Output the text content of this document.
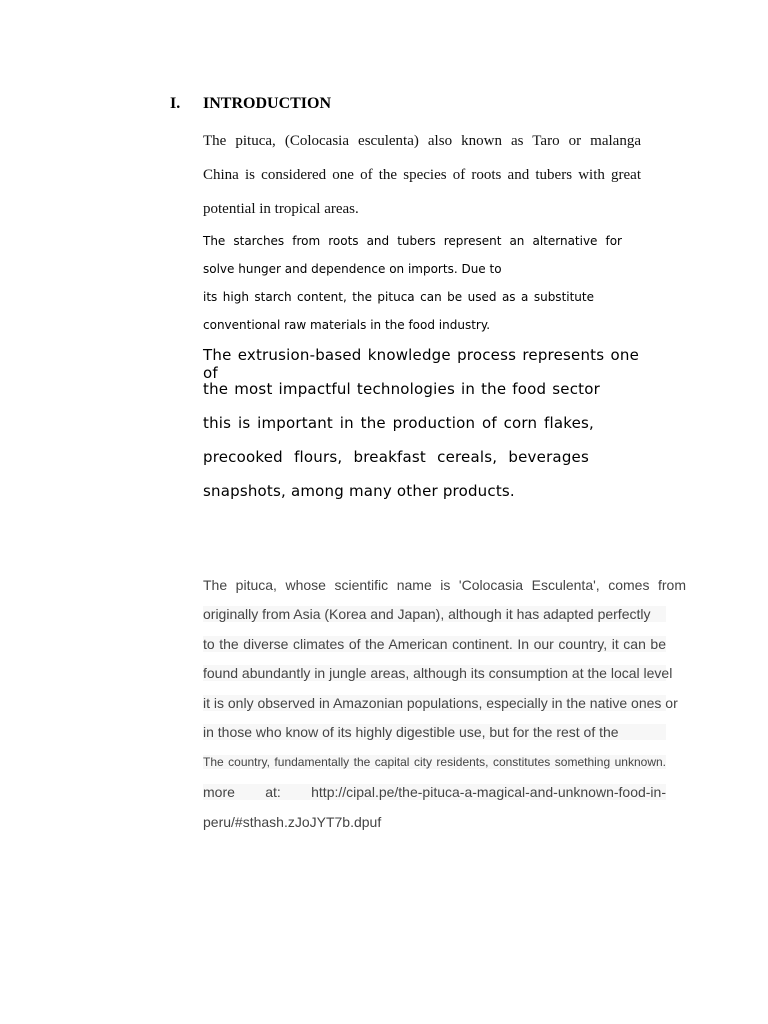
I. INTRODUCTION
The pituca, (Colocasia esculenta) also known as Taro or malanga
China is considered one of the species of roots and tubers with great
potential in tropical areas.
The starches from roots and tubers represent an alternative for
solve hunger and dependence on imports. Due to
its high starch content, the pituca can be used as a substitute
conventional raw materials in the food industry.
The extrusion-based knowledge process represents one of
the most impactful technologies in the food sector
this is important in the production of corn flakes,
precooked flours, breakfast cereals, beverages
snapshots, among many other products.
The pituca, whose scientific name is 'Colocasia Esculenta', comes from
originally from Asia (Korea and Japan), although it has adapted perfectly
to the diverse climates of the American continent. In our country, it can be
found abundantly in jungle areas, although its consumption at the local level
it is only observed in Amazonian populations, especially in the native ones or
in those who know of its highly digestible use, but for the rest of the
The country, fundamentally the capital city residents, constitutes something unknown.
more at: http://cipal.pe/the-pituca-a-magical-and-unknown-food-in-
peru/#sthash.zJoJYT7b.dpuf
